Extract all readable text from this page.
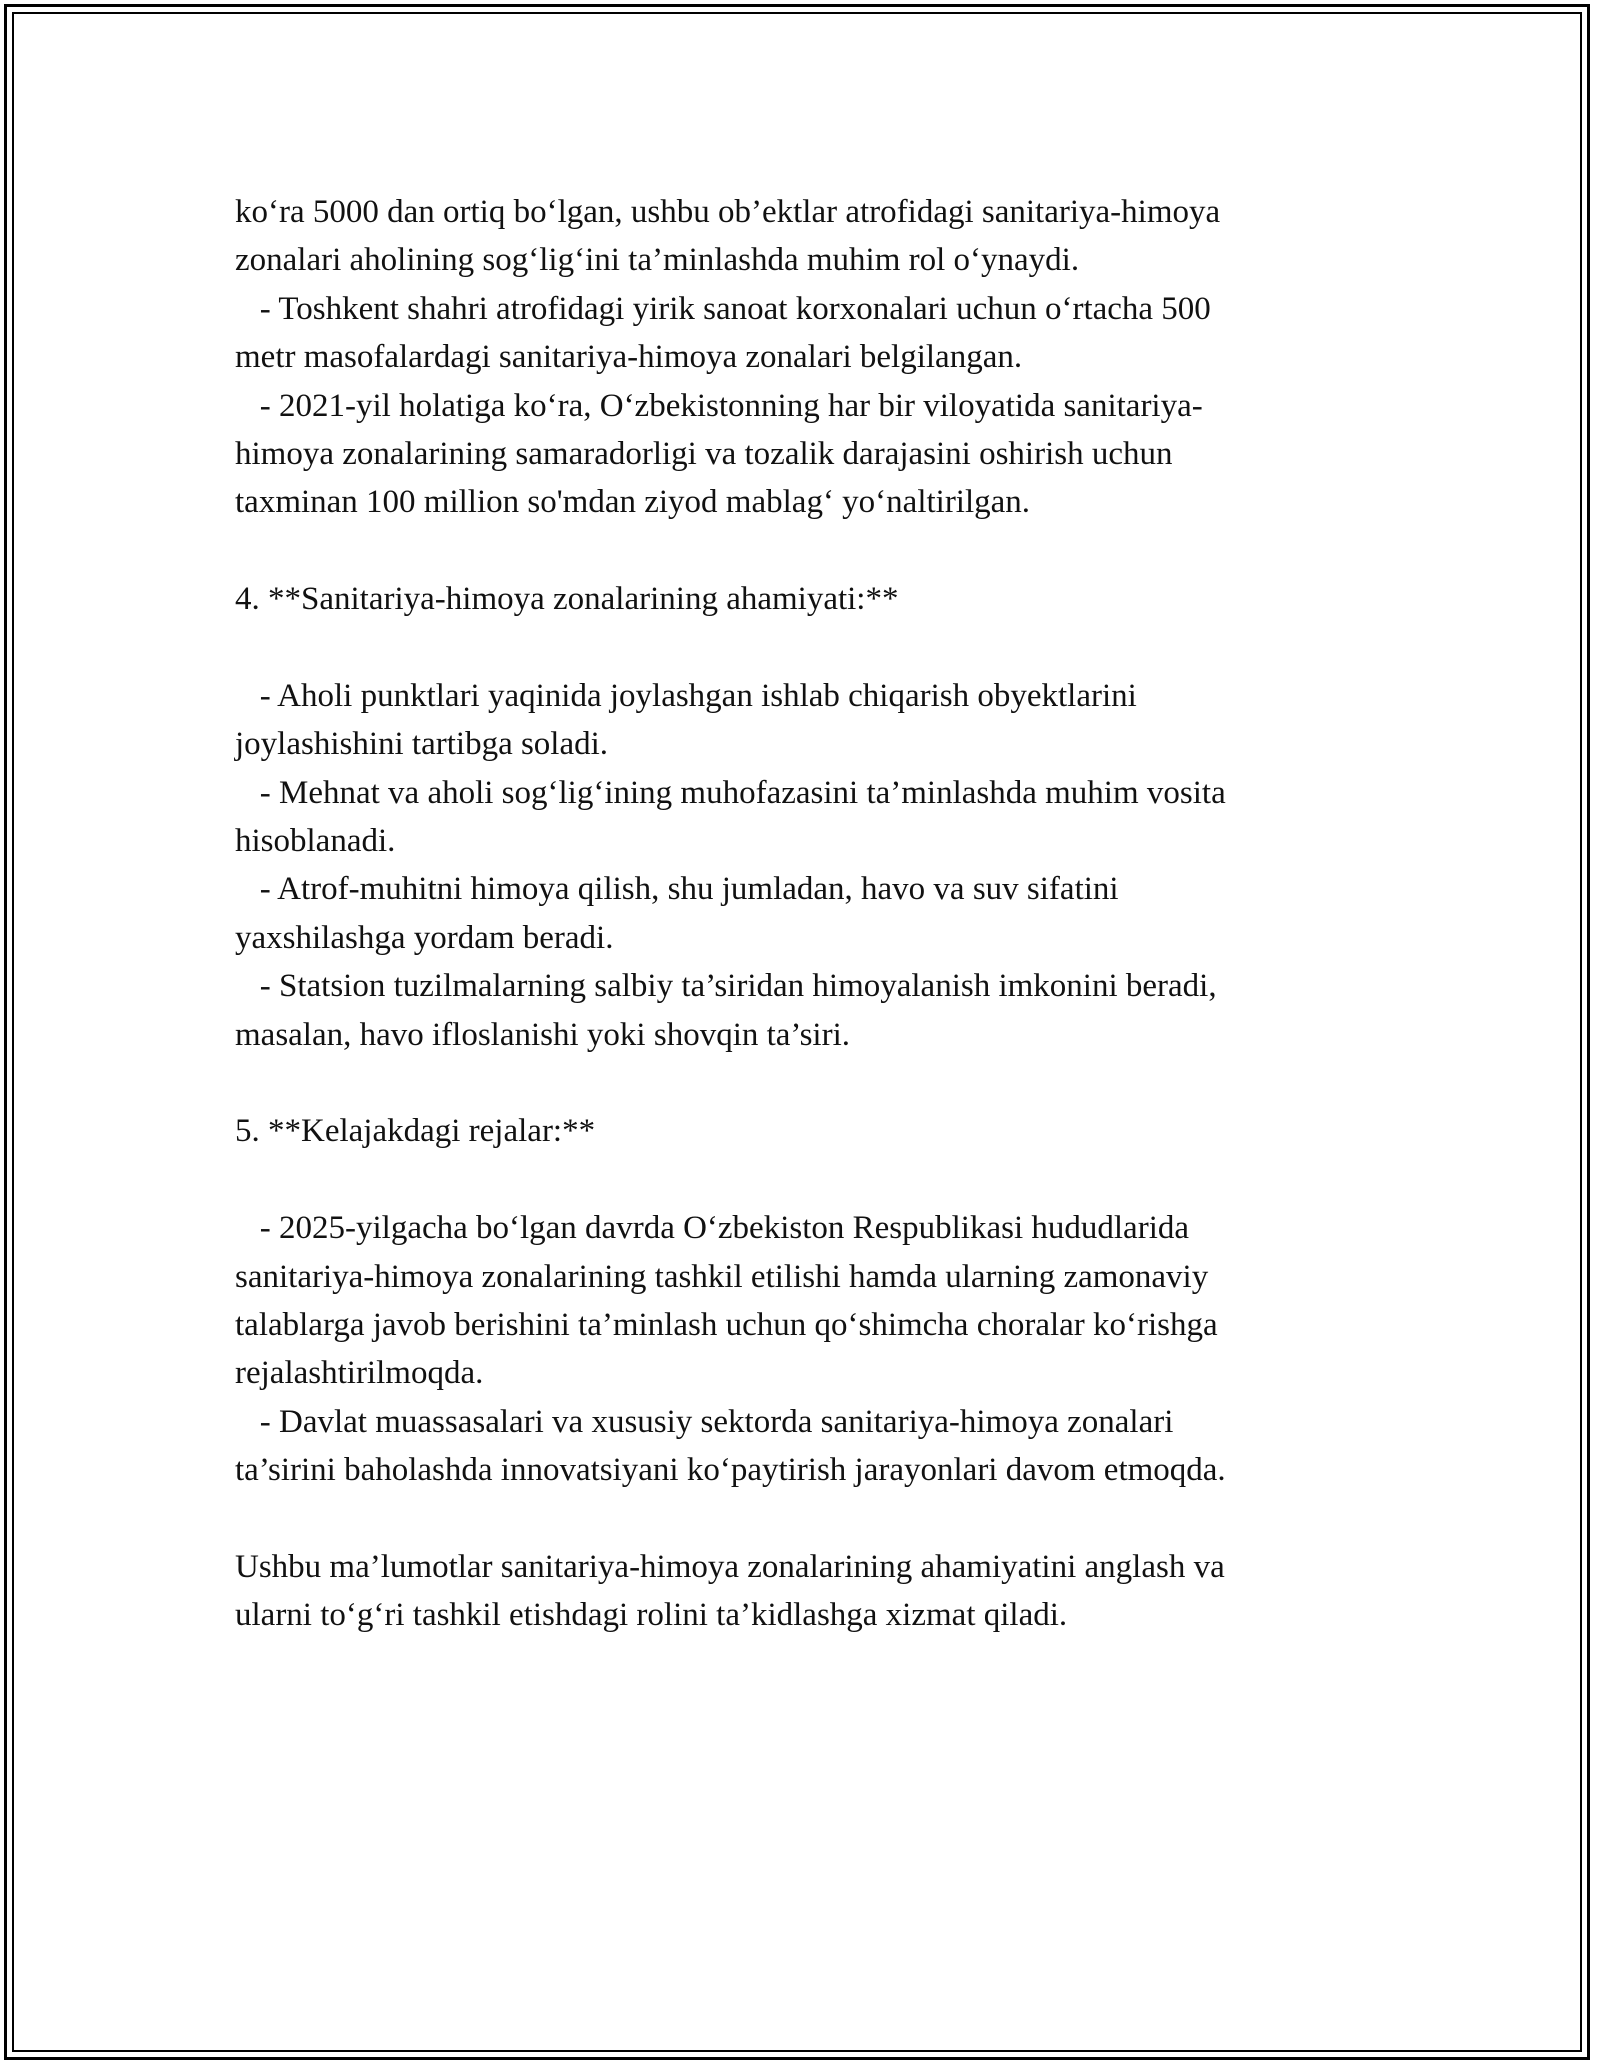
ko‘ra 5000 dan ortiq bo‘lgan, ushbu ob’ektlar atrofidagi sanitariya-himoya
zonalari aholining sog‘lig‘ini ta’minlashda muhim rol o‘ynaydi.
- Toshkent shahri atrofidagi yirik sanoat korxonalari uchun o‘rtacha 500
metr masofalardagi sanitariya-himoya zonalari belgilangan.
- 2021-yil holatiga ko‘ra, O‘zbekistonning har bir viloyatida sanitariya-
himoya zonalarining samaradorligi va tozalik darajasini oshirish uchun
taxminan 100 million so'mdan ziyod mablag‘ yo‘naltirilgan.
4. **Sanitariya-himoya zonalarining ahamiyati:**
- Aholi punktlari yaqinida joylashgan ishlab chiqarish obyektlarini
joylashishini tartibga soladi.
- Mehnat va aholi sog‘lig‘ining muhofazasini ta’minlashda muhim vosita
hisoblanadi.
- Atrof-muhitni himoya qilish, shu jumladan, havo va suv sifatini
yaxshilashga yordam beradi.
- Statsion tuzilmalarning salbiy ta’siridan himoyalanish imkonini beradi,
masalan, havo ifloslanishi yoki shovqin ta’siri.
5. **Kelajakdagi rejalar:**
- 2025-yilgacha bo‘lgan davrda O‘zbekiston Respublikasi hududlarida
sanitariya-himoya zonalarining tashkil etilishi hamda ularning zamonaviy
talablarga javob berishini ta’minlash uchun qo‘shimcha choralar ko‘rishga
rejalashtirilmoqda.
- Davlat muassasalari va xususiy sektorda sanitariya-himoya zonalari
ta’sirini baholashda innovatsiyani ko‘paytirish jarayonlari davom etmoqda.
Ushbu ma’lumotlar sanitariya-himoya zonalarining ahamiyatini anglash va
ularni to‘g‘ri tashkil etishdagi rolini ta’kidlashga xizmat qiladi.
